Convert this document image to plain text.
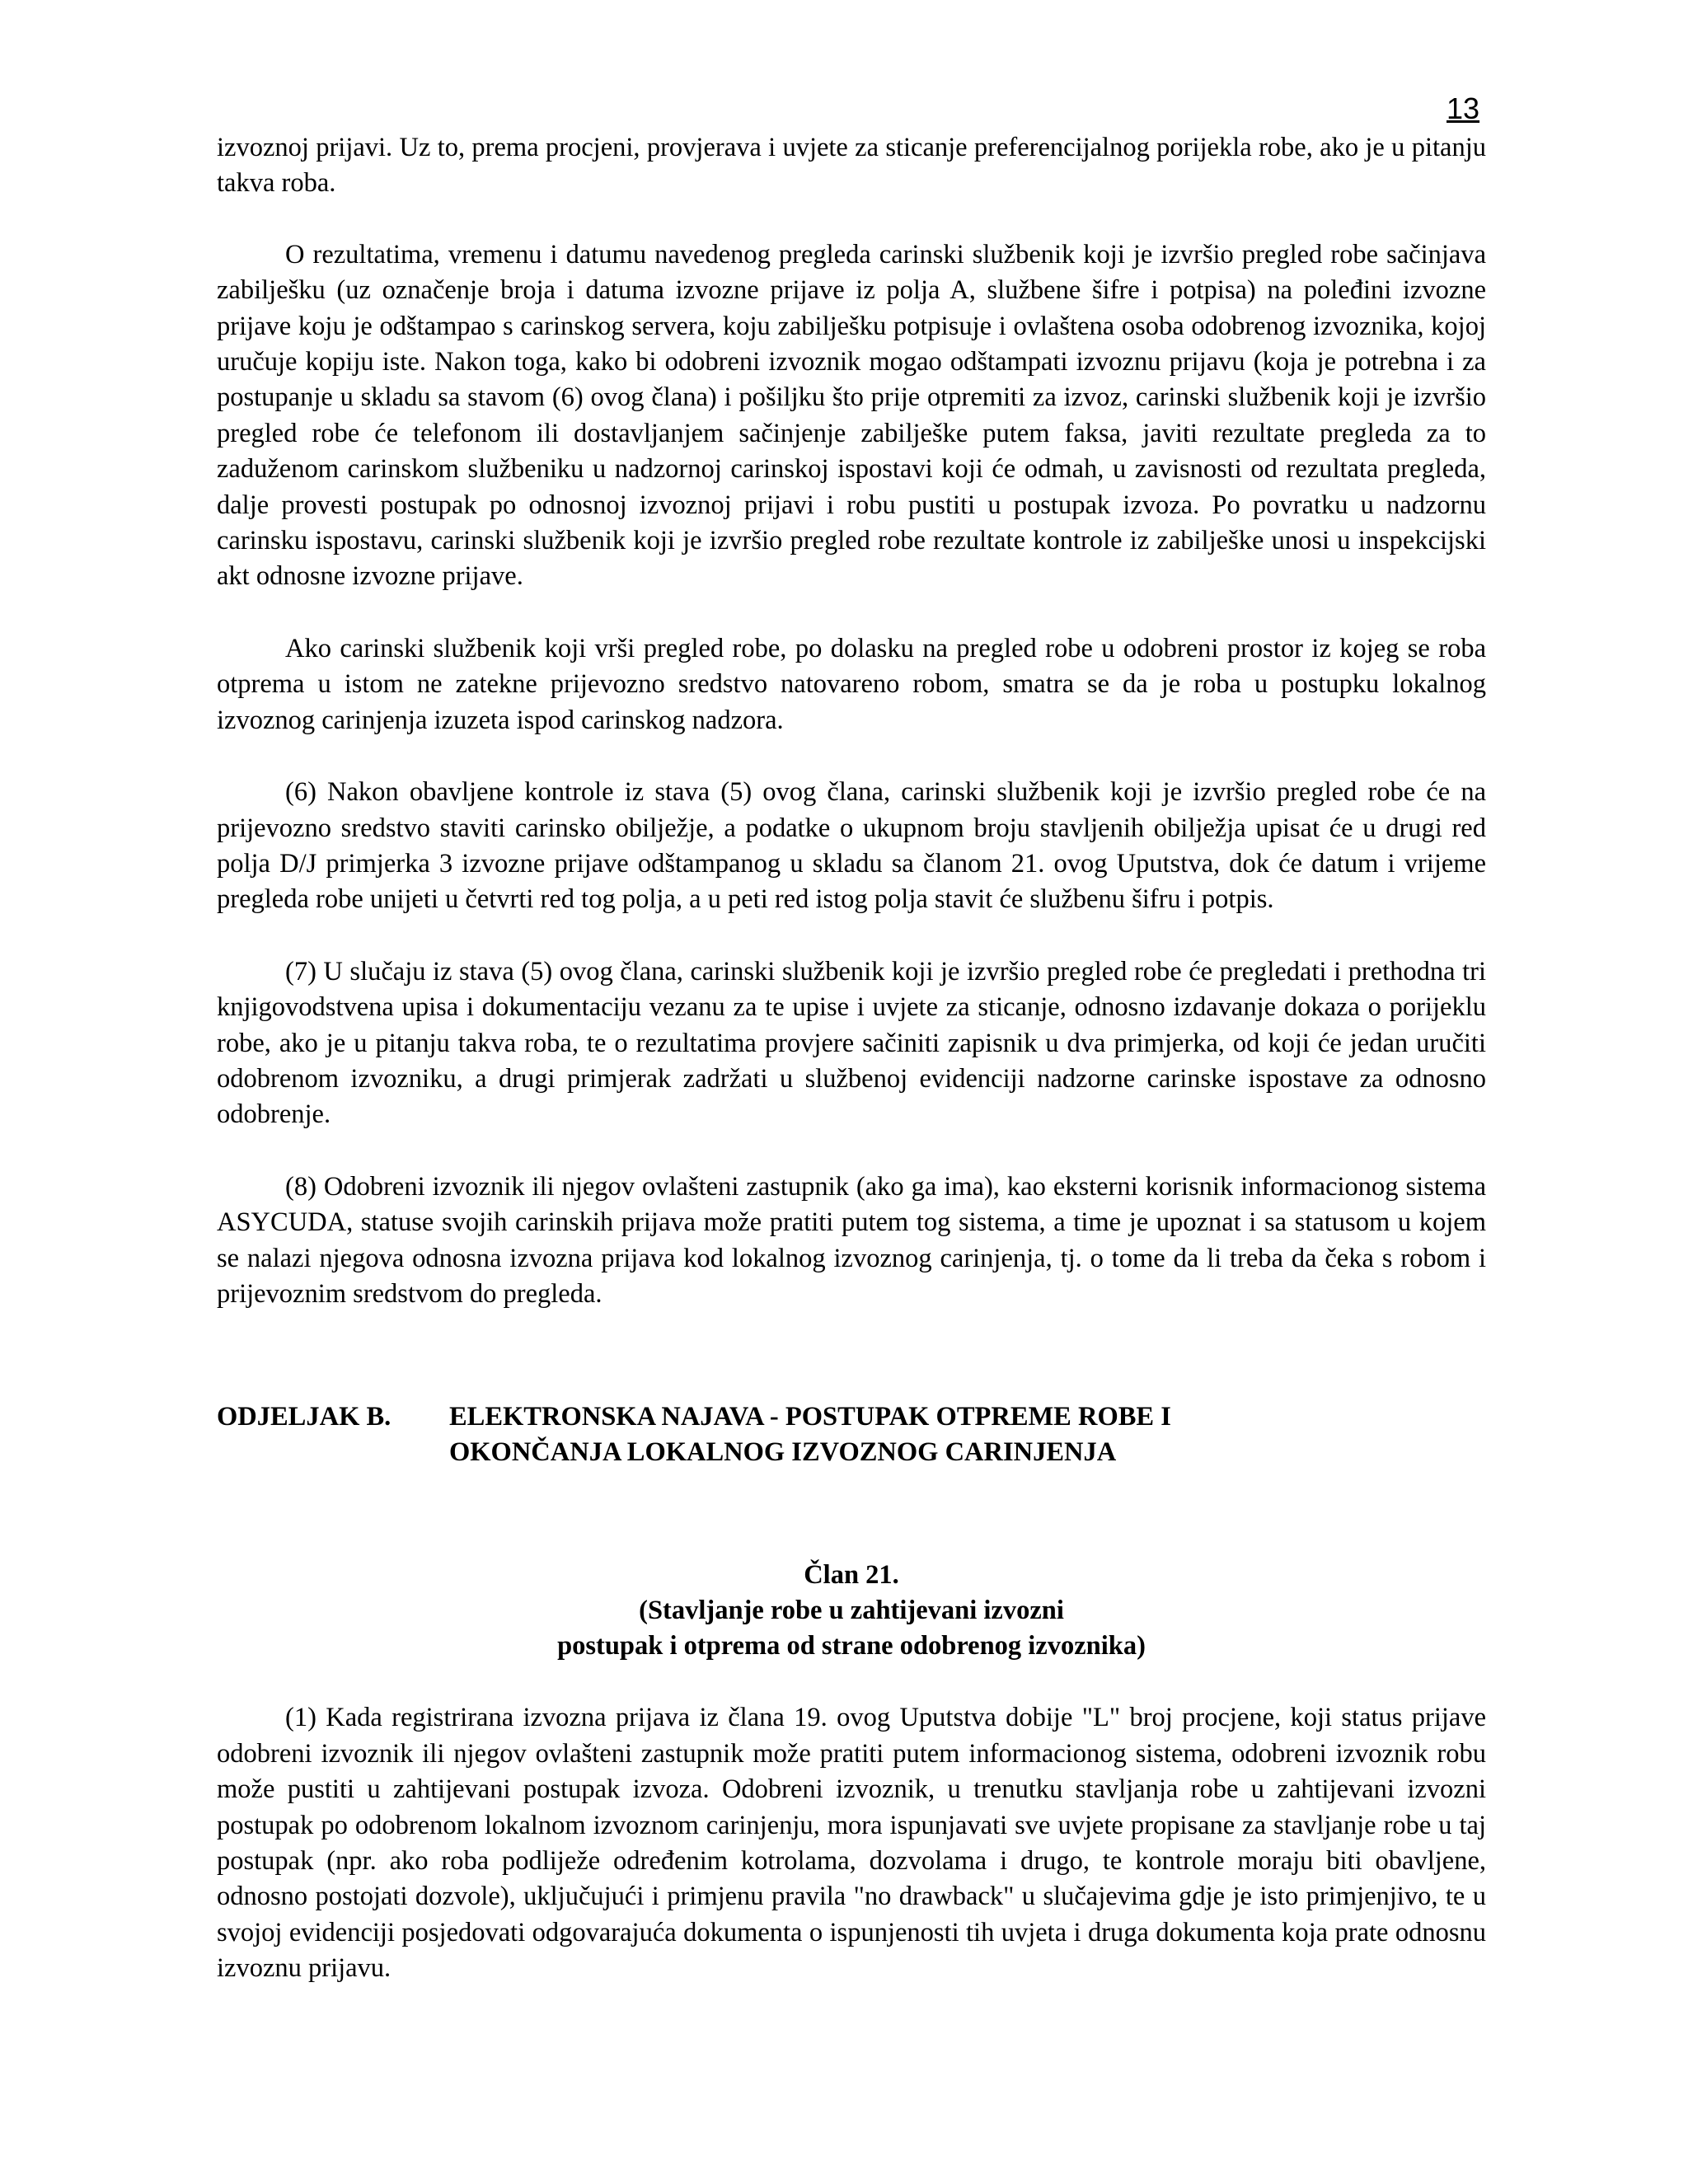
13

izvoznoj prijavi. Uz to, prema procjeni, provjerava i uvjete za sticanje preferencijalnog porijekla robe, ako je u pitanju takva roba.

O rezultatima, vremenu i datumu navedenog pregleda carinski službenik koji je izvršio pregled robe sačinjava zabilješku (uz označenje broja i datuma izvozne prijave iz polja A, službene šifre i potpisa) na poleđini izvozne prijave koju je odštampao s carinskog servera, koju zabilješku potpisuje i ovlaštena osoba odobrenog izvoznika, kojoj uručuje kopiju iste. Nakon toga, kako bi odobreni izvoznik mogao odštampati izvoznu prijavu (koja je potrebna i za postupanje u skladu sa stavom (6) ovog člana) i pošiljku što prije otpremiti za izvoz, carinski službenik koji je izvršio pregled robe će telefonom ili dostavljanjem sačinjenje zabilješke putem faksa, javiti rezultate pregleda za to zaduženom carinskom službeniku u nadzornoj carinskoj ispostavi koji će odmah, u zavisnosti od rezultata pregleda, dalje provesti postupak po odnosnoj izvoznoj prijavi i robu pustiti u postupak izvoza. Po povratku u nadzornu carinsku ispostavu, carinski službenik koji je izvršio pregled robe rezultate kontrole iz zabilješke unosi u inspekcijski akt odnosne izvozne prijave.

Ako carinski službenik koji vrši pregled robe, po dolasku na pregled robe u odobreni prostor iz kojeg se roba otprema u istom ne zatekne prijevozno sredstvo natovareno robom, smatra se da je roba u postupku lokalnog izvoznog carinjenja izuzeta ispod carinskog nadzora.

(6) Nakon obavljene kontrole iz stava (5) ovog člana, carinski službenik koji je izvršio pregled robe će na prijevozno sredstvo staviti carinsko obilježje, a podatke o ukupnom broju stavljenih obilježja upisat će u drugi red polja D/J primjerka 3 izvozne prijave odštampanog u skladu sa članom 21. ovog Uputstva, dok će datum i vrijeme pregleda robe unijeti u četvrti red tog polja, a u peti red istog polja stavit će službenu šifru i potpis.

(7) U slučaju iz stava (5) ovog člana, carinski službenik koji je izvršio pregled robe će pregledati i prethodna tri knjigovodstvena upisa i dokumentaciju vezanu za te upise i uvjete za sticanje, odnosno izdavanje dokaza o porijeklu robe, ako je u pitanju takva roba, te o rezultatima provjere sačiniti zapisnik u dva primjerka, od koji će jedan uručiti odobrenom izvozniku, a drugi primjerak zadržati u službenoj evidenciji nadzorne carinske ispostave za odnosno odobrenje.

(8) Odobreni izvoznik ili njegov ovlašteni zastupnik (ako ga ima), kao eksterni korisnik informacionog sistema ASYCUDA, statuse svojih carinskih prijava može pratiti putem tog sistema, a time je upoznat i sa statusom u kojem se nalazi njegova odnosna izvozna prijava kod lokalnog izvoznog carinjenja, tj. o tome da li treba da čeka s robom i prijevoznim sredstvom do pregleda.

ODJELJAK B.	ELEKTRONSKA NAJAVA - POSTUPAK OTPREME ROBE I
OKONČANJA LOKALNOG IZVOZNOG CARINJENJA
Član 21.
(Stavljanje robe u zahtijevani izvozni
postupak i otprema od strane odobrenog izvoznika)

(1) Kada registrirana izvozna prijava iz člana 19. ovog Uputstva dobije "L" broj procjene, koji status prijave odobreni izvoznik ili njegov ovlašteni zastupnik može pratiti putem informacionog sistema, odobreni izvoznik robu može pustiti u zahtijevani postupak izvoza. Odobreni izvoznik, u trenutku stavljanja robe u zahtijevani izvozni postupak po odobrenom lokalnom izvoznom carinjenju, mora ispunjavati sve uvjete propisane za stavljanje robe u taj postupak (npr. ako roba podliježe određenim kotrolama, dozvolama i drugo, te kontrole moraju biti obavljene, odnosno postojati dozvole), uključujući i primjenu pravila "no drawback" u slučajevima gdje je isto primjenjivo, te u svojoj evidenciji posjedovati odgovarajuća dokumenta o ispunjenosti tih uvjeta i druga dokumenta koja prate odnosnu izvoznu prijavu.
